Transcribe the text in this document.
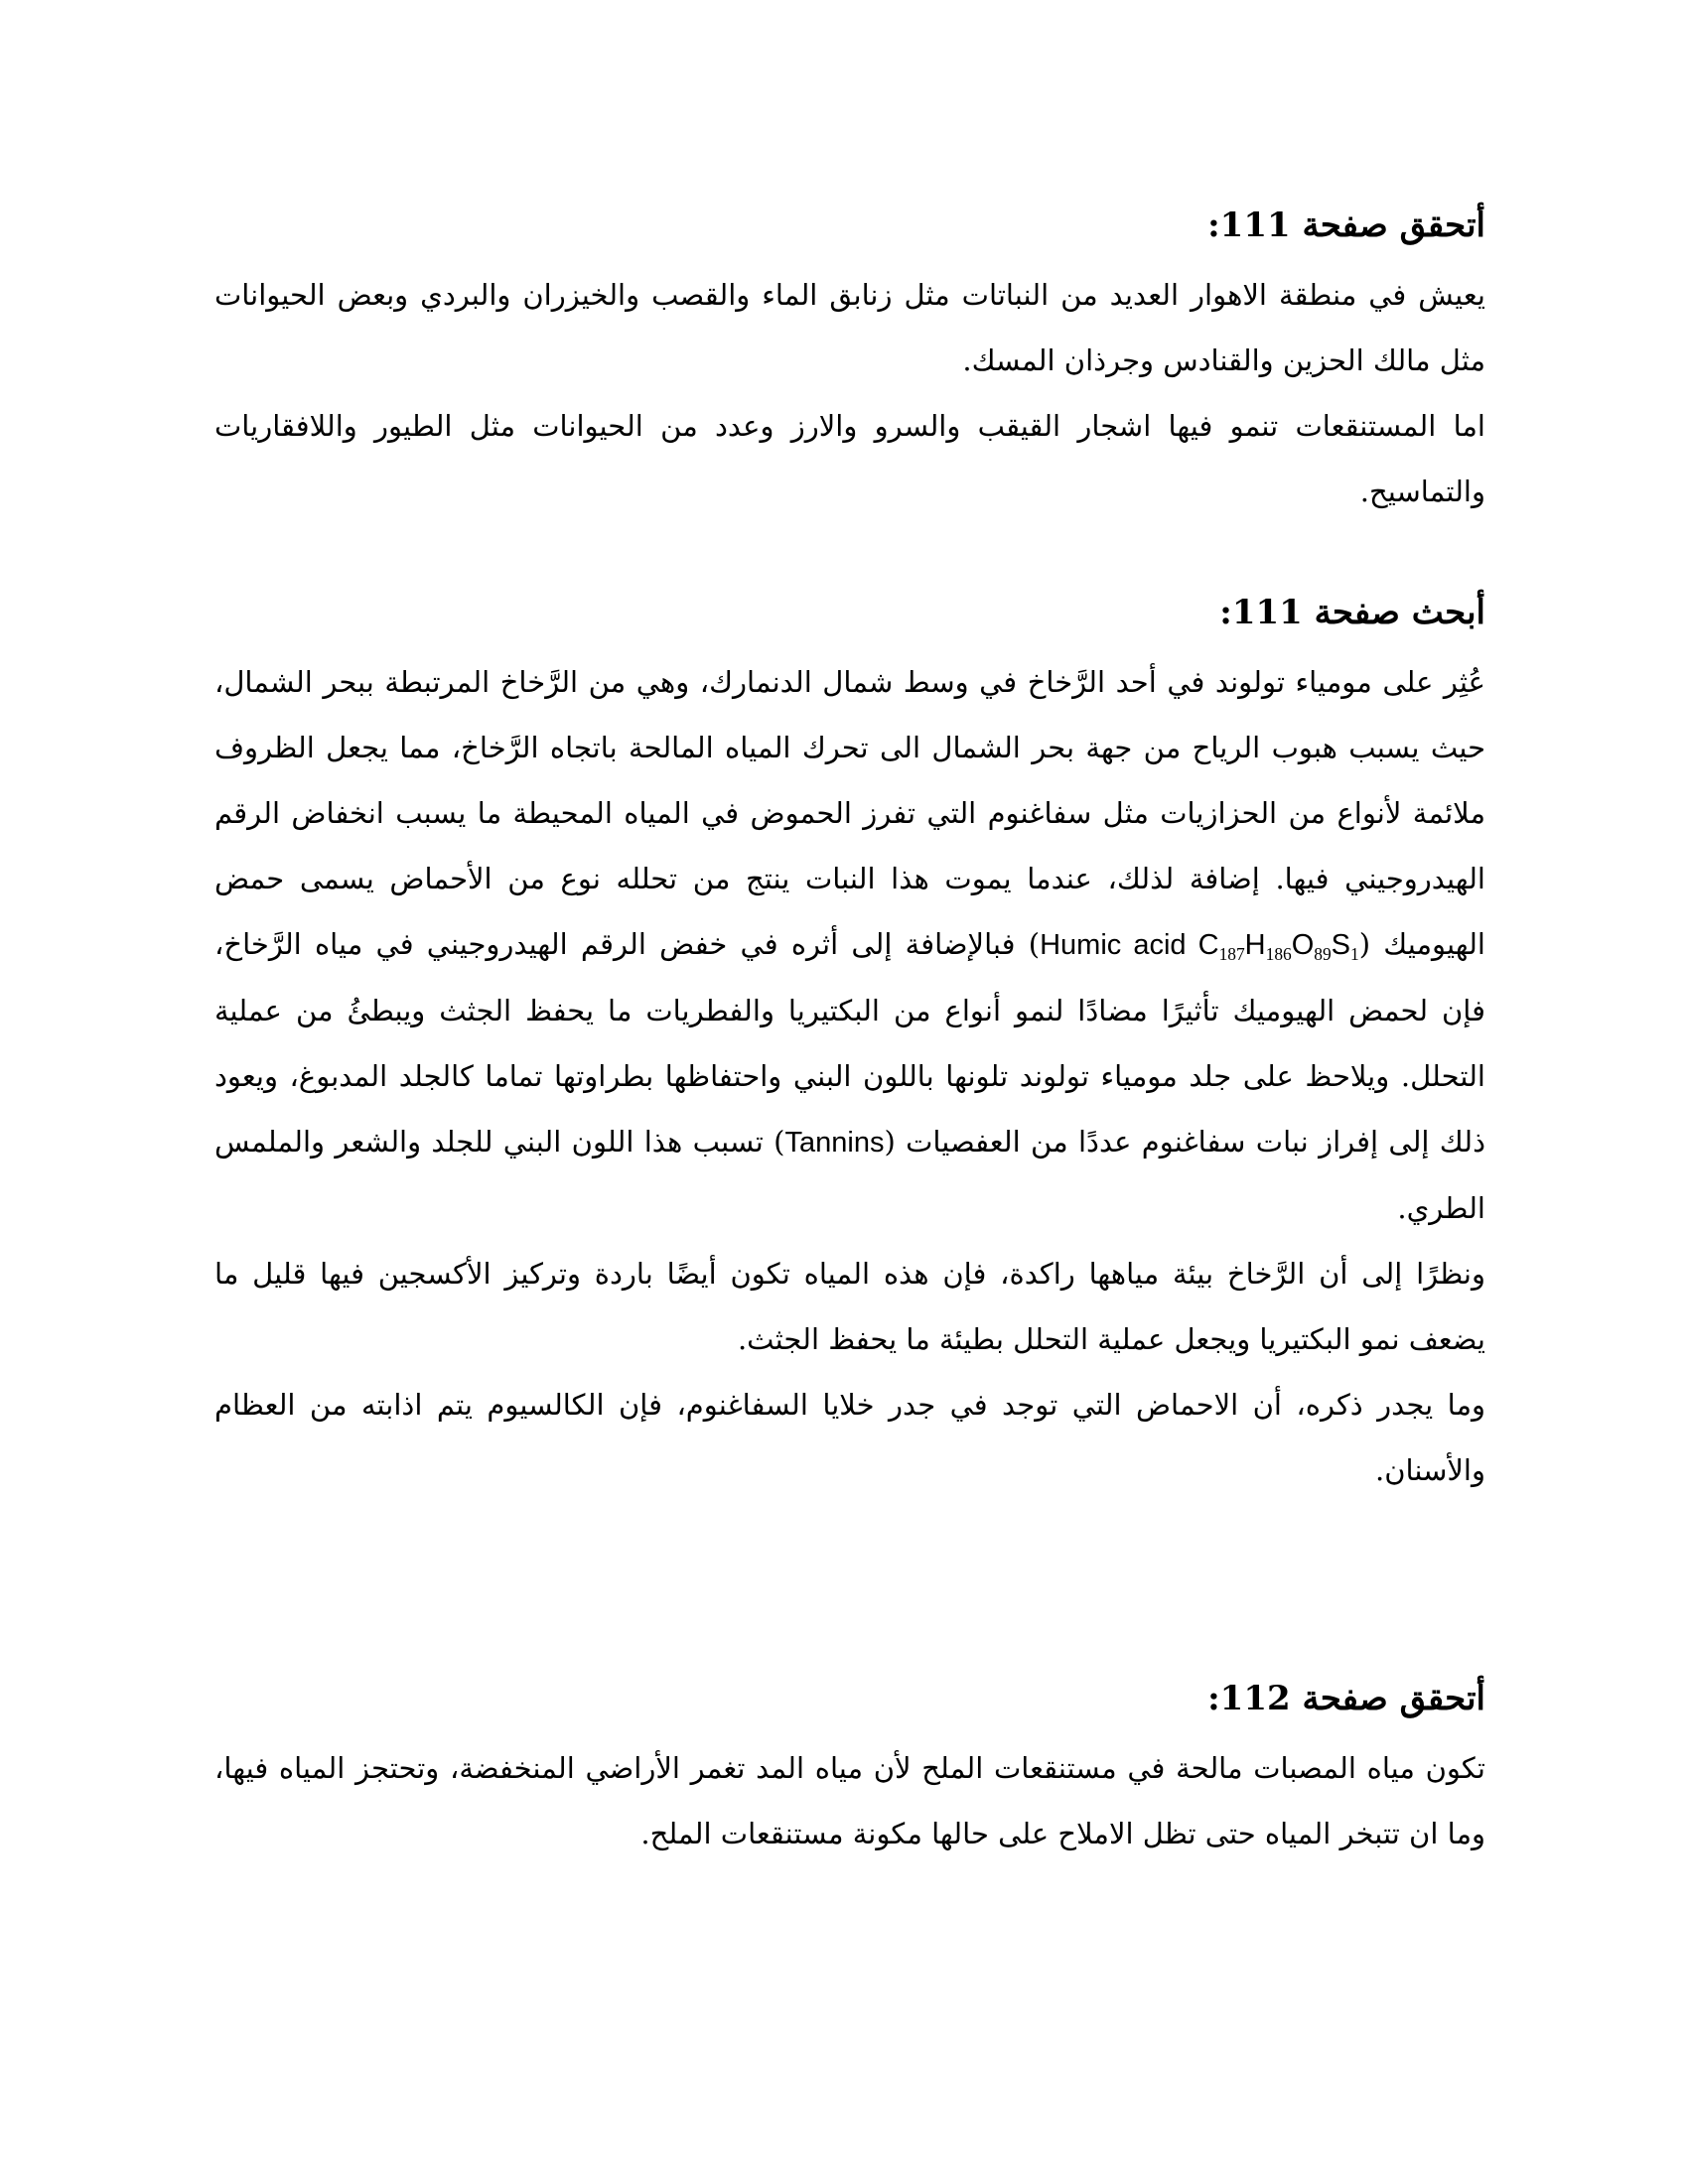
أتحقق صفحة 111:

يعيش في منطقة الاهوار العديد من النباتات مثل زنابق الماء والقصب والخيزران والبردي وبعض الحيوانات مثل مالك الحزين والقنادس وجرذان المسك.

اما المستنقعات تنمو فيها اشجار القيقب والسرو والارز وعدد من الحيوانات مثل الطيور واللافقاريات والتماسيح.

أبحث صفحة 111:

عُثِر على مومياء تولوند في أحد الرَّخاخ في وسط شمال الدنمارك، وهي من الرَّخاخ المرتبطة ببحر الشمال، حيث يسبب هبوب الرياح من جهة بحر الشمال الى تحرك المياه المالحة باتجاه الرَّخاخ، مما يجعل الظروف ملائمة لأنواع من الحزازيات مثل سفاغنوم التي تفرز الحموض في المياه المحيطة ما يسبب انخفاض الرقم الهيدروجيني فيها. إضافة لذلك، عندما يموت هذا النبات ينتج من تحلله نوع من الأحماض يسمى حمض الهيوميك (Humic acid $C_{187}H_{186}O_{89}S_1$) فبالإضافة إلى أثره في خفض الرقم الهيدروجيني في مياه الرَّخاخ، فإن لحمض الهيوميك تأثيرًا مضادًا لنمو أنواع من البكتيريا والفطريات ما يحفظ الجثث ويبطئُ من عملية التحلل. ويلاحظ على جلد مومياء تولوند تلونها باللون البني واحتفاظها بطراوتها تماما كالجلد المدبوغ، ويعود ذلك إلى إفراز نبات سفاغنوم عددًا من العفصيات (Tannins) تسبب هذا اللون البني للجلد والشعر والملمس الطري.

ونظرًا إلى أن الرَّخاخ بيئة مياهها راكدة، فإن هذه المياه تكون أيضًا باردة وتركيز الأكسجين فيها قليل ما يضعف نمو البكتيريا ويجعل عملية التحلل بطيئة ما يحفظ الجثث.

وما يجدر ذكره، أن الاحماض التي توجد في جدر خلايا السفاغنوم، فإن الكالسيوم يتم اذابته من العظام والأسنان.

أتحقق صفحة 112:

تكون مياه المصبات مالحة في مستنقعات الملح لأن مياه المد تغمر الأراضي المنخفضة، وتحتجز المياه فيها، وما ان تتبخر المياه حتى تظل الاملاح على حالها مكونة مستنقعات الملح.
